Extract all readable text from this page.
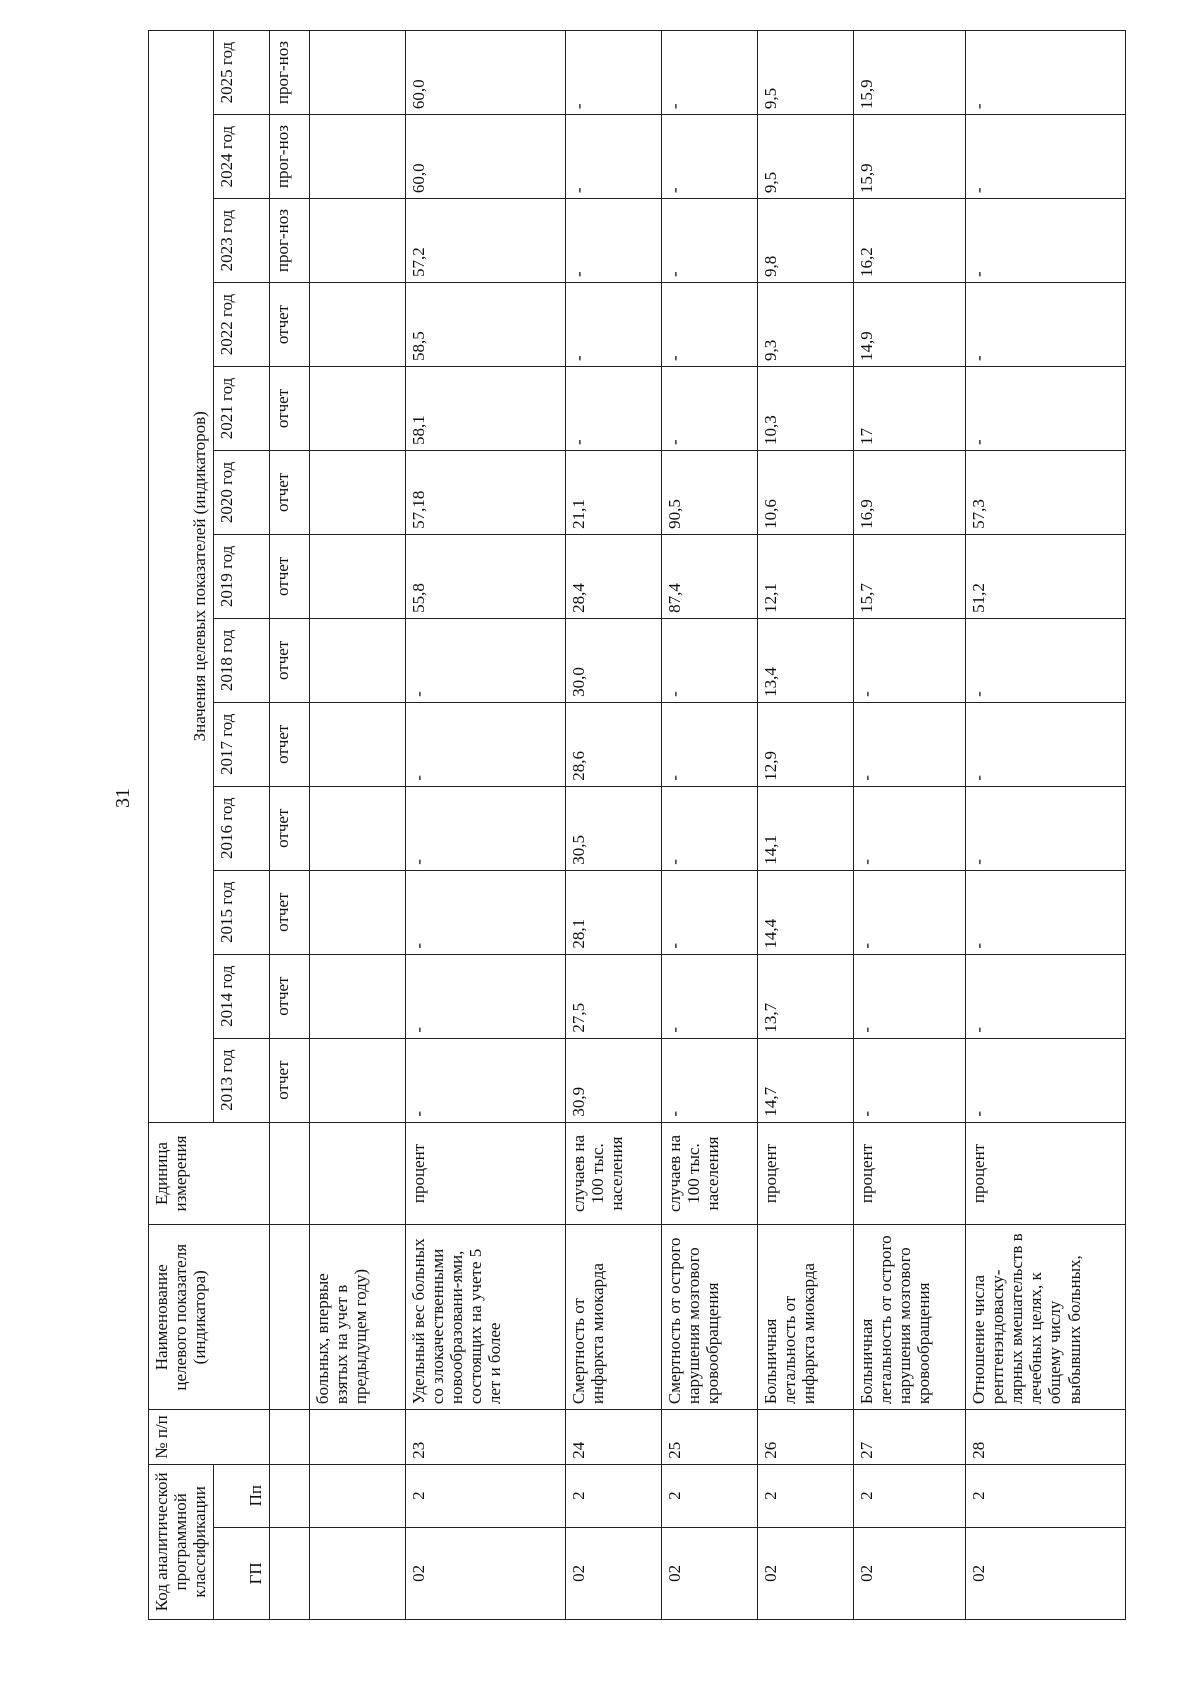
31
Код аналитической программной классификации		№ п/п	Наименование целевого показателя (индикатора)	Единица измерения	Значения целевых показателей (индикаторов)												
ГП	Пп				2013 год	2014 год	2015 год	2016 год	2017 год	2018 год	2019 год	2020 год	2021 год	2022 год	2023 год	2024 год	2025 год
					отчет	отчет	отчет	отчет	отчет	отчет	отчет	отчет	отчет	отчет	прог-ноз	прог-ноз	прог-ноз
			больных, впервые взятых на учет в предыдущем году)														
02	2	23	Удельный вес больных со злокачественными новообразовани-ями, состоящих на учете 5 лет и более	процент	-	-	-	-	-	-	55,8	57,18	58,1	58,5	57,2	60,0	60,0
02	2	24	Смертность от инфаркта миокарда	случаев на 100 тыс. населения	30,9	27,5	28,1	30,5	28,6	30,0	28,4	21,1	-	-	-	-	-
02	2	25	Смертность от острого нарушения мозгового кровообращения	случаев на 100 тыс. населения	-	-	-	-	-	-	87,4	90,5	-	-	-	-	-
02	2	26	Больничная летальность от инфаркта миокарда	процент	14,7	13,7	14,4	14,1	12,9	13,4	12,1	10,6	10,3	9,3	9,8	9,5	9,5
02	2	27	Больничная летальность от острого нарушения мозгового кровообращения	процент	-	-	-	-	-	-	15,7	16,9	17	14,9	16,2	15,9	15,9
02	2	28	Отношение числа рентгенэндоваску-лярных вмешательств в лечебных целях, к общему числу выбывших больных,	процент	-	-	-	-	-	-	51,2	57,3	-	-	-	-	-
